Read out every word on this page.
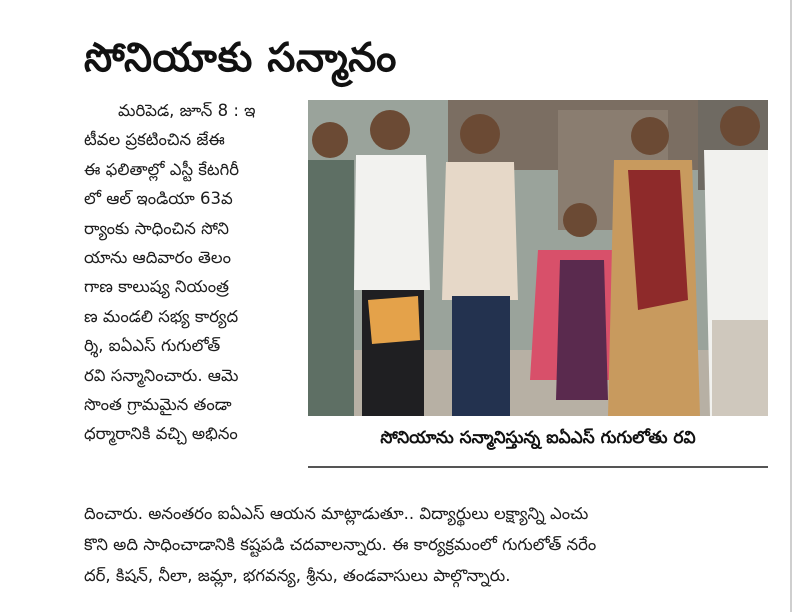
సోనియాకు సన్మానం
మరిపెడ, జూన్ 8 : ఇ
టీవల ప్రకటించిన జేఈ
ఈ ఫలితాల్లో ఎస్టీ కేటగిరీ
లో ఆల్ ఇండియా 63వ
ర్యాంకు సాధించిన సోని
యాను ఆదివారం తెలం
గాణ కాలుష్య నియంత్ర
ణ మండలి సభ్య కార్యద
ర్శి, ఐఏఎస్ గుగులోత్
రవి సన్మానించారు. ఆమె
సొంత గ్రామమైన తండా
ధర్మారానికి వచ్చి అభినం	సోనియాను సన్మానిస్తున్న ఐఏఎస్ గుగులోతు రవి
దించారు. అనంతరం ఐఏఎస్ ఆయన మాట్లాడుతూ.. విద్యార్థులు లక్ష్యాన్ని ఎంచు
కొని అది సాధించాడానికి కష్టపడి చదవాలన్నారు. ఈ కార్యక్రమంలో గుగులోత్ నరేం
దర్, కిషన్, నీలా, జమ్లా, భగవన్య, శ్రీను, తండవాసులు పాల్గొన్నారు.
